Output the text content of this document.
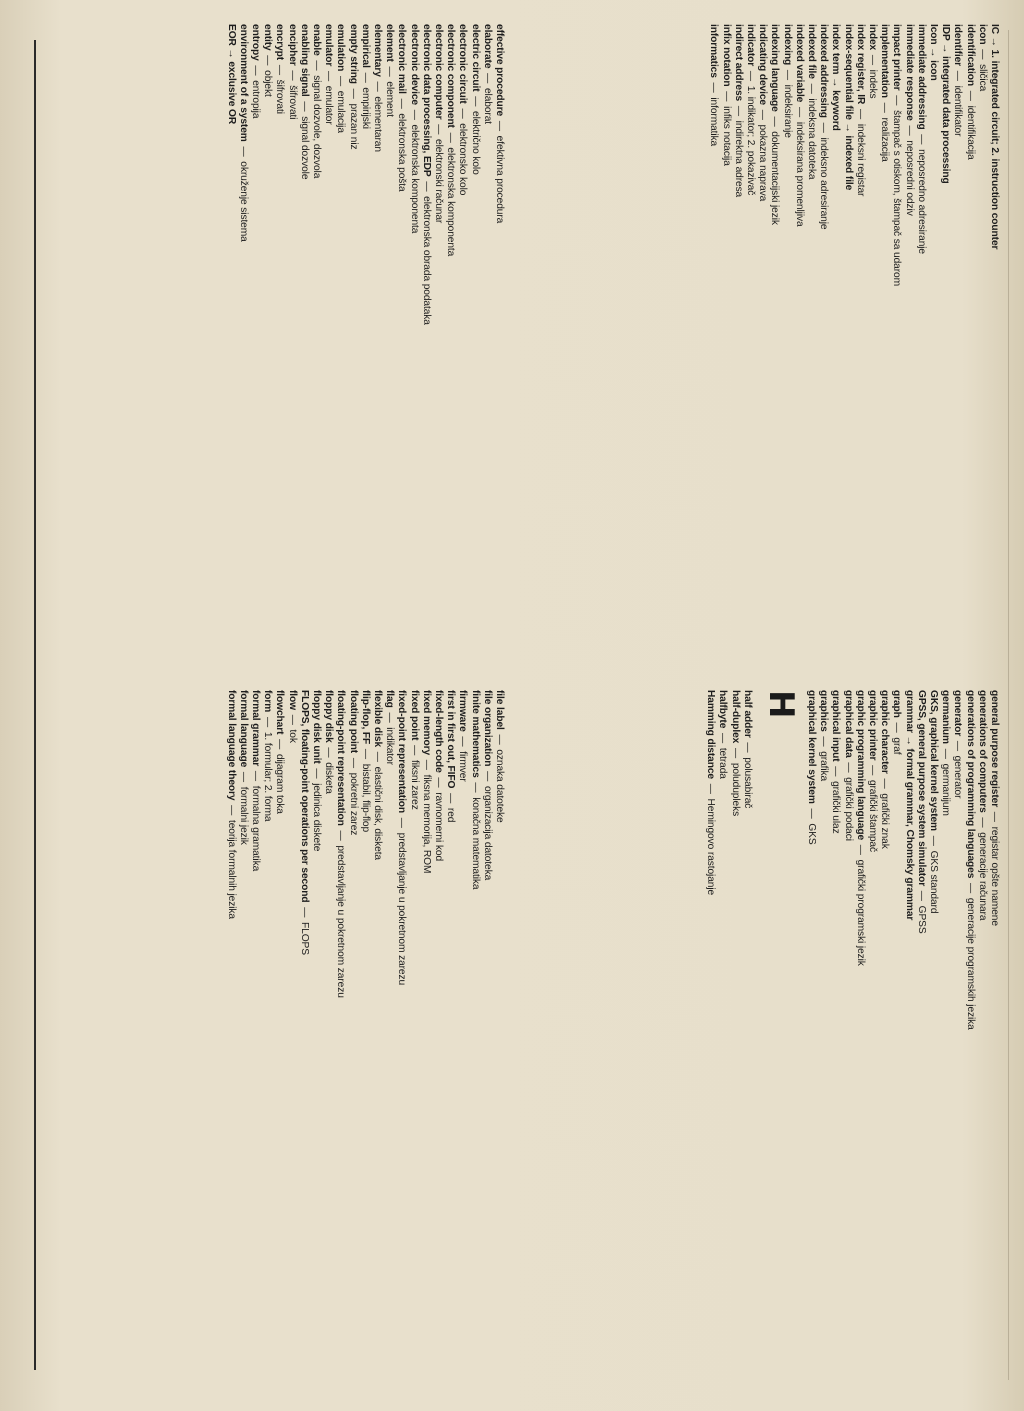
IC → 1. integrated circuit; 2. instruction counter
icon — sličica
identification — identifikacija
identifier — identifikator
IDP → integrated data processing
Icon → icon
immediate addressing — neposredno adresiranje
immediate response — neposredni odziv
impact printer — štampač s otiskom, štampač sa udarom
implementation — realizacija
index — indeks
index register, IR — indeksni registar
index-sequential file → indexed file
index term → keyword
indexed addressing — indeksno adresiranje
indexed file — indeksna datoteka
indexed variable — indeksirana promenljiva
indexing — indeksiranje
indexing language — dokumentacijski jezik
indicating device — pokazna naprava
indicator — 1. indikator; 2. pokazivač
indirect address — indirektna adresa
infix notation — infiks notacija
informatics — informatika
general purpose register — registar opšte namene
generations of computers — generacije računara
generations of programming languages — generacije programskih jezika
generator — generator
germanium — germanijum
GKS, graphical kernel system — GKS standard
GPSS, general purpose system simulator — GPSS
grammar → formal grammar, Chomsky grammar
graph — graf
graphic character — grafički znak
graphic printer — grafički štampač
graphic programming language — grafički programski jezik
graphical data — grafički podaci
graphical input — grafički ulaz
graphics — grafika
graphical kernel system — GKS
H
half adder — polusabirač
half-duplex — poludupleks
halfbyte — tetrada
Hamming distance — Hemingovo rastojanje
file label — oznaka datoteke
file organization — organizacija datoteka
finite mathematics — konačna matematika
firmware — firmver
first in first out, FIFO — red
fixed-length code — ravnomerni kod
fixed memory — fiksna memorija, ROM
fixed point — fiksni zarez
fixed-point representation — predstavljanje u pokretnom zarezu
flag — indikator
flexible disk — elastični disk, disketa
flip-flop, FF — bistabil, flip-flop
floating point — pokretni zarez
floating-point representation — predstavljanje u pokretnom zarezu
floppy disk — disketa
floppy disk unit — jedinica diskete
FLOPS, floating-point operations per second — FLOPS
flow — tok
flowchart — dijagram toka
form — 1. formular; 2. forma
formal grammar — formalna gramatika
formal language — formalni jezik
formal language theory — teorija formalnih jezika
effective procedure — efektivna procedura
elaborate — elaborat
electric circuit — električno kolo
electronic circuit — elektronsko kolo
electronic component — elektronska komponenta
electronic computer — elektronski računar
electronic data processing, EDP — elektronska obrada podataka
electronic device — elektronska komponenta
electronic mail — elektronska pošta
element — element
elementary — elementaran
empirical — empirijski
empty string — prazan niz
emulation — emulacija
emulator — emulator
enable — signal dozvole, dozvola
enabling signal — signal dozvole
encipher — šifrovati
encrypt — šifrovati
entity — objekt
entropy — entropija
environment of a system — okruženje sistema
EOR → exclusive OR
